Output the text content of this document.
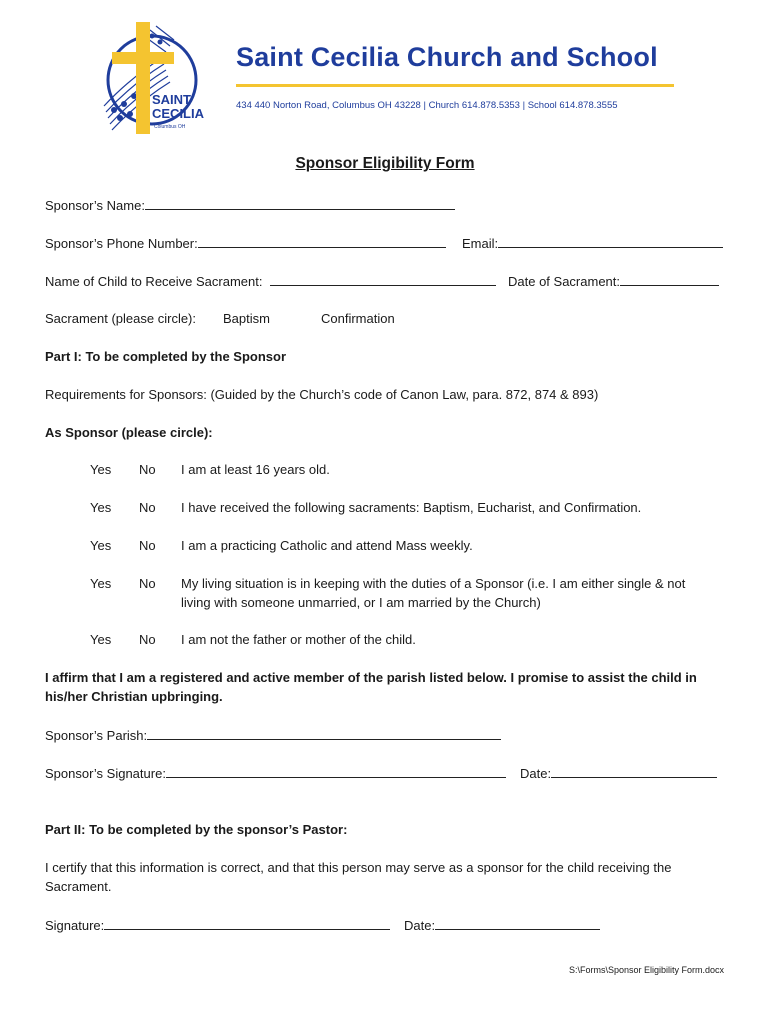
SAINT
CECILIA
Columbus OH
Saint Cecilia Church and School
434 440 Norton Road, Columbus OH 43228 | Church 614.878.5353 | School 614.878.3555
Sponsor Eligibility Form
Sponsor’s Name:
Sponsor’s Phone Number:	Email:
Name of Child to Receive Sacrament:	Date of Sacrament:
Sacrament (please circle): Baptism	Confirmation
Part I: To be completed by the Sponsor
Requirements for Sponsors: (Guided by the Church’s code of Canon Law, para. 872, 874 & 893)
As Sponsor (please circle):
Yes No I am at least 16 years old.
Yes No I have received the following sacraments: Baptism, Eucharist, and Confirmation.
Yes No I am a practicing Catholic and attend Mass weekly.
Yes No My living situation is in keeping with the duties of a Sponsor (i.e. I am either single & not living with someone unmarried, or I am married by the Church)
Yes No I am not the father or mother of the child.
I affirm that I am a registered and active member of the parish listed below. I promise to assist the child in his/her Christian upbringing.
Sponsor’s Parish:
Sponsor’s Signature:	Date:
Part II: To be completed by the sponsor’s Pastor:
I certify that this information is correct, and that this person may serve as a sponsor for the child receiving the Sacrament.
Signature:	Date:
S:\Forms\Sponsor Eligibility Form.docx
